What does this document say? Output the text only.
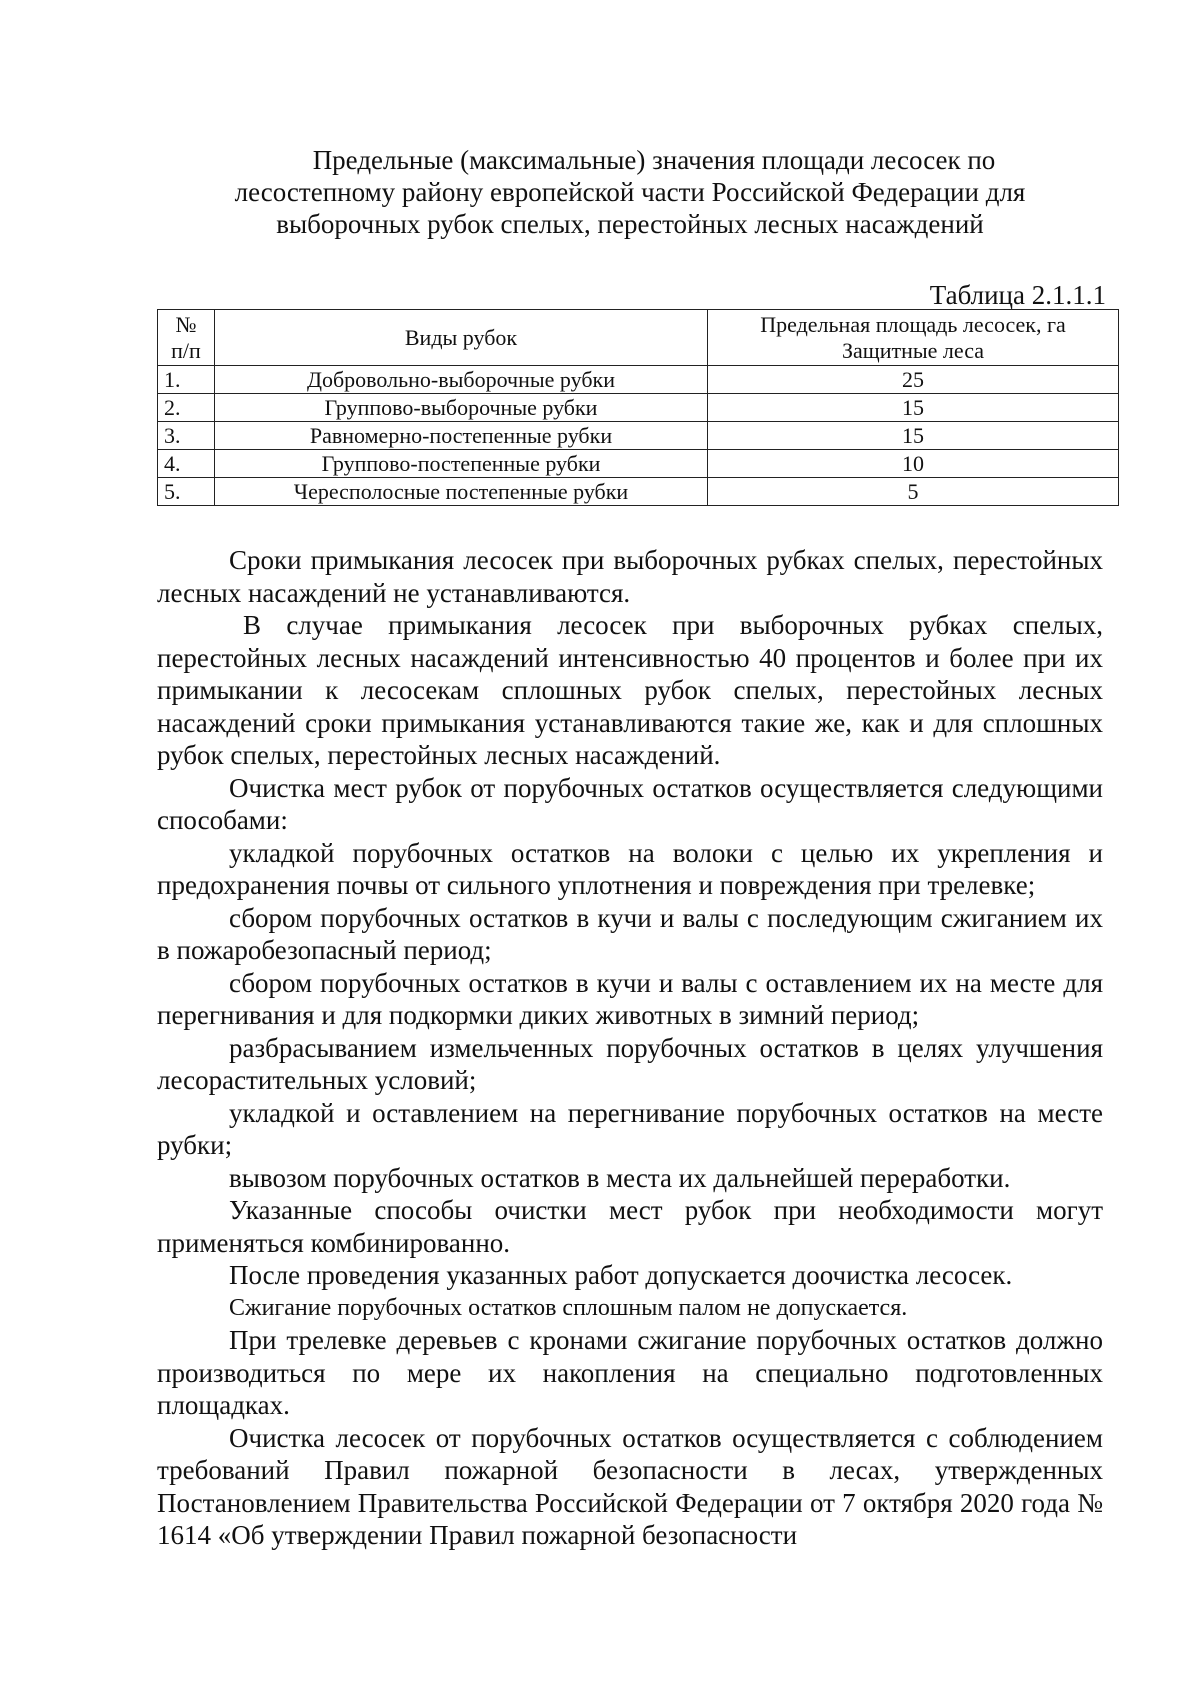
Предельные (максимальные) значения площади лесосек по
лесостепному району европейской части Российской Федерации для
выборочных рубок спелых, перестойных лесных насаждений
Таблица 2.1.1.1
№ п/п	Виды рубок	Предельная площадь лесосек, га
Защитные леса

1.	Добровольно-выборочные рубки	25
2.	Группово-выборочные рубки	15
3.	Равномерно-постепенные рубки	15
4.	Группово-постепенные рубки	10
5.	Чересполосные постепенные рубки	5

Сроки примыкания лесосек при выборочных рубках спелых, перестойных лесных насаждений не устанавливаются.

В случае примыкания лесосек при выборочных рубках спелых, перестойных лесных насаждений интенсивностью 40 процентов и более при их примыкании к лесосекам сплошных рубок спелых, перестойных лесных насаждений сроки примыкания устанавливаются такие же, как и для сплошных рубок спелых, перестойных лесных насаждений.

Очистка мест рубок от порубочных остатков осуществляется следующими способами:

укладкой порубочных остатков на волоки с целью их укрепления и предохранения почвы от сильного уплотнения и повреждения при трелевке;

сбором порубочных остатков в кучи и валы с последующим сжиганием их в пожаробезопасный период;

сбором порубочных остатков в кучи и валы с оставлением их на месте для перегнивания и для подкормки диких животных в зимний период;

разбрасыванием измельченных порубочных остатков в целях улучшения лесорастительных условий;

укладкой и оставлением на перегнивание порубочных остатков на месте рубки;

вывозом порубочных остатков в места их дальнейшей переработки.

Указанные способы очистки мест рубок при необходимости могут применяться комбинированно.

После проведения указанных работ допускается доочистка лесосек.

Сжигание порубочных остатков сплошным палом не допускается.

При трелевке деревьев с кронами сжигание порубочных остатков должно производиться по мере их накопления на специально подготовленных площадках.

Очистка лесосек от порубочных остатков осуществляется с соблюдением требований Правил пожарной безопасности в лесах, утвержденных Постановлением Правительства Российской Федерации от 7 октября 2020 года № 1614 «Об утверждении Правил пожарной безопасности
